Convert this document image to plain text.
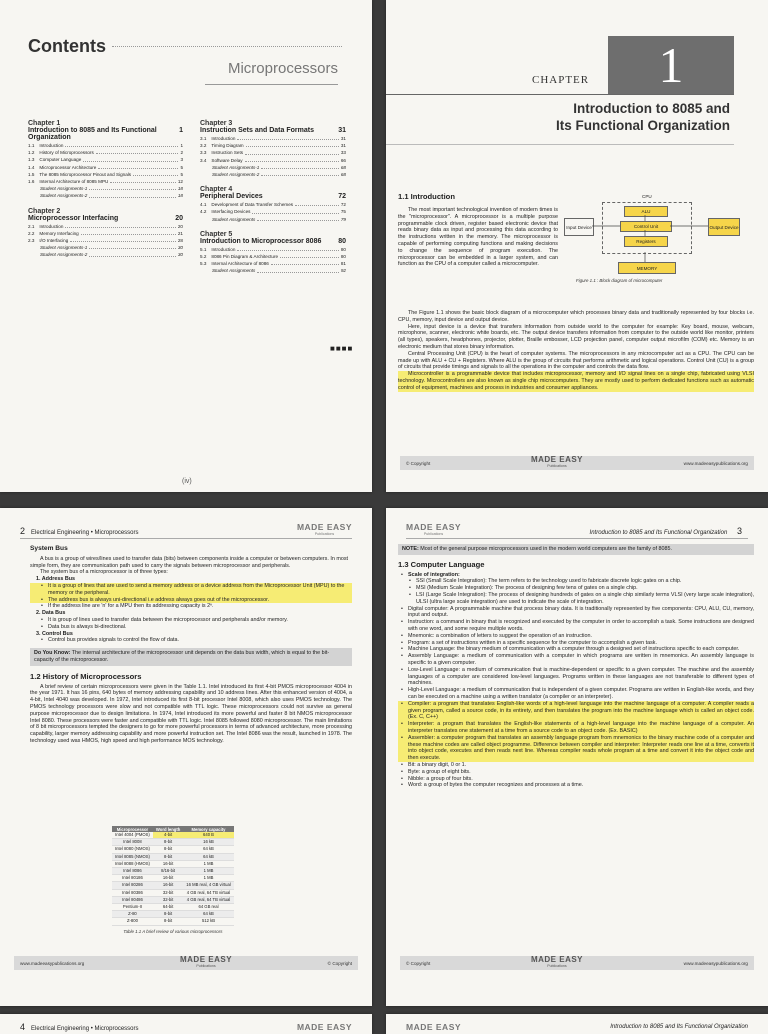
Contents
Microprocessors
Chapter 1
Introduction to 8085 and Its Functional Organization
1
1.1 Introduction	1
1.2 History of Microprocessors	2
1.3 Computer Language	3
1.4 Microprocessor Architecture	5
1.5 The 8085 Microprocessor Pinout and Signals	5
1.6 Internal Architecture of 8085 MPU	12
Student Assignments-1	18
Student Assignments-2	18
Chapter 2
Microprocessor Interfacing	20
2.1 Introduction	20
2.2 Memory Interfacing	21
2.3 I/O Interfacing	28
Student Assignments-1	30
Student Assignments-2	30
Chapter 3
Instruction Sets and Data Formats	31
3.1 Introduction	31
3.2 Timing Diagram	31
3.3 Instruction Sets	33
3.4 Software Delay	66
Student Assignments-1	68
Student Assignments-2	68
Chapter 4
Peripheral Devices	72
4.1 Development of Data Transfer Schemes	72
4.2 Interfacing Devices	75
Student Assignments	79
Chapter 5
Introduction to Microprocessor 8086 80
5.1 Introduction	80
5.2 8086 Pin Diagram & Architecture	80
5.3 Internal Architecture of 8086	81
Student Assignments	92
■■■■
(iv)
CHAPTER	1
Introduction to 8085 and
Its Functional Organization
1.1 Introduction
The most important technological invention of modern times is the "microprocessor". A microprocessor is a multiple purpose programmable clock driven, register based electronic device that reads binary data as input and processing this data according to the instructions written in the memory. The microprocessor is capable of performing computing functions and making decisions to change the sequence of program execution. The microprocessor can be embedded in a larger system, and can function as the CPU of a computer called a microcomputer.
CPU
ALU
Input Device	Control Unit	Output Device
Registers
MEMORY
Figure 1.1 : Block diagram of microcomputer
The Figure 1.1 shows the basic block diagram of a microcomputer which processes binary data and traditionally represented by four blocks i.e. CPU, memory, input device and output device.
Here, input device is a device that transfers information from outside world to the computer for example: Key board, mouse, webcam, microphone, scanner, electronic white boards, etc. The output device transfers information from computer to the outside world like monitor, printers (all types), speakers, headphones, projector, plotter, Braille embosser, LCD projection panel, computer output microfilm (COM) etc. Memory is an electronic medium that stores binary information.
Central Processing Unit (CPU) is the heart of computer systems. The microprocessors in any microcomputer act as a CPU. The CPU can be made up with ALU + CU + Registers. Where ALU is the group of circuits that performs arithmetic and logical operations. Control Unit (CU) is a group of circuits that provide timings and signals to all the operations in the computer and controls the data flow.
Microcontroller is a programmable device that includes microprocessor, memory and I/O signal lines on a single chip, fabricated using VLSI technology. Microcontrollers are also known as single chip microcomputers. They are mostly used to perform dedicated functions such as automatic control of equipment, machines and process in industries and consumer appliances.
© Copyright	MADE EASY
Publications
www.madeeasypublications.org
2 Electrical Engineering • Microprocessors
MADE EASY
Publications
System Bus
A bus is a group of wires/lines used to transfer data (bits) between components inside a computer or between computers. In most simple form, they are communication path used to carry the signals between microprocessor and peripherals.
The system bus of a microprocessor is of three types:
1. Address Bus
• It is a group of lines that are used to send a memory address or a device address from the Microprocessor Unit (MPU) to the memory or the peripheral.
• The address bus is always uni-directional i.e address always goes out of the microprocessor.
• If the address line are 'n' for a MPU then its addressing capacity is 2ⁿ.
2. Data Bus
• It is group of lines used to transfer data between the microprocessor and peripherals and/or memory.
• Data bus is always bi-directional.
3. Control Bus
• Control bus provides signals to control the flow of data.
Do You Know: The internal architecture of the microprocessor unit depends on the data bus width, which is equal to the bit-capacity of the microprocessor.
1.2 History of Microprocessors
A brief review of certain microprocessors were given in the Table 1.1. Intel introduced its first 4-bit PMOS microprocessor 4004 in the year 1971. It has 16 pins, 640 bytes of memory addressing capability and 10 address lines. After this enhanced version of 4004, a 4-bit, Intel 4040 was developed. In 1972, Intel introduced its first 8-bit processor Intel 8008, which also uses PMOS technology. The PMOS technology processors were slow and not compatible with TTL logic. These microprocessors could not survive as general purpose microprocessor due to design limitations. In 1974, Intel introduced its more powerful and faster 8 bit NMOS microprocessor Intel 8080. These processors were faster and compatible with TTL logic. Intel 8085 followed 8080 microprocessor. The main limitations of 8 bit microprocessors tempted the designers to go for more powerful processors in terms of advanced architecture, more processing capability, larger memory addressing capability and more powerful instruction set. The Intel 8086 was the result, launched in 1978. The technology used was HMOS, high speed and high performance MOS technology.
Microprocessor	Word length	Memory capacity
Intel 4004 (PMOS)	4-bit	640 B
Intel 8008	8-bit	16 kB
Intel 8080 (NMOS)	8-bit	64 kB
Intel 8085 (NMOS)	8-bit	64 kB
Intel 8088 (HMOS)	16-bit	1 MB
Intel 8086	8/16-bit	1 MB
Intel 80186	16-bit	1 MB
Intel 80286	16-bit	16 MB real, 4 GB virtual
Intel 80386	32-bit	4 GB real, 64 TB virtual
Intel 80486	32-bit	4 GB real, 64 TB virtual
Pentium-II	64-bit	64 GB real
Z-80	8-bit	64 kB
Z-800	8-bit	512 kB
Table 1.1 A brief review of various microprocessors
www.madeeasypublications.org	MADE EASY
Publications
© Copyright
MADE EASY
Publications	Introduction to 8085 and Its Functional Organization 3
NOTE: Most of the general purpose microprocessors used in the modern world computers are the family of 8085.
1.3 Computer Language
• Scale of integration:
• SSI (Small Scale Integration): The term refers to the technology used to fabricate discrete logic gates on a chip.
• MSI (Medium Scale Integration): The process of designing few tens of gates on a single chip.
• LSI (Large Scale Integration): The process of designing hundreds of gates on a single chip similarly terms VLSI (very large scale integration), ULSI (ultra large scale integration) are used to indicate the scale of integration.
• Digital computer: A programmable machine that process binary data. It is traditionally represented by five components: CPU, ALU, CU, memory, input and output.
• Instruction: a command in binary that is recognized and executed by the computer in order to accomplish a task. Some instructions are designed with one word, and some require multiple words.
• Mnemonic: a combination of letters to suggest the operation of an instruction.
• Program: a set of instructions written in a specific sequence for the computer to accomplish a given task.
• Machine Language: the binary medium of communication with a computer through a designed set of instructions specific to each computer.
• Assembly Language: a medium of communication with a computer in which programs are written in mnemonics. An assembly language is specific to a given computer.
• Low-Level Language: a medium of communication that is machine-dependent or specific to a given computer. The machine and the assembly languages of a computer are considered low-level languages. Programs written in these languages are not transferable to different types of machines.
• High-Level Language: a medium of communication that is independent of a given computer. Programs are written in English-like words, and they can be executed on a machine using a written translator (a compiler or an interpreter).
• Compiler: a program that translates English-like words of a high-level language into the machine language of a computer. A compiler reads a given program, called a source code, in its entirety, and then translates the program into the machine language which is called an object code. (Ex. C, C++)
• Interpreter: a program that translates the English-like statements of a high-level language into the machine language of a computer. An interpreter translates one statement at a time from a source code to an object code. (Ex. BASIC)
• Assembler: a computer program that translates an assembly language program from mnemonics to the binary machine code of a computer and these machine codes are called object programme. Difference between compiler and interpreter: Interpreter reads one line at a time, converts it into object code, executes and then reads next line. Whereas compiler reads whole program at a time and convert it into the object code and then execute.
• Bit: a binary digit, 0 or 1.
• Byte: a group of eight bits.
• Nibble: a group of four bits.
• Word: a group of bytes the computer recognizes and processes at a time.
© Copyright	MADE EASY
Publications
www.madeeasypublications.org
4 Electrical Engineering • Microprocessors	MADE EASY	MADE EASY	Introduction to 8085 and Its Functional Organization
